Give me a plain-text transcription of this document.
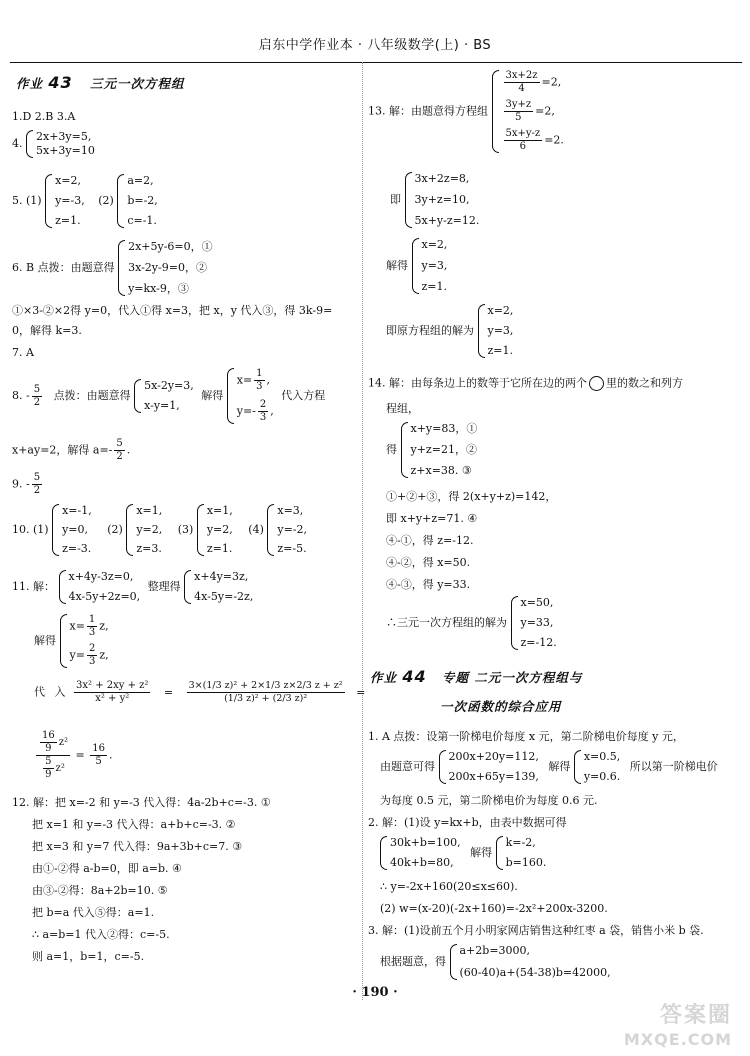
启东中学作业本 · 八年级数学(上) · BS
作业 43 三元一次方程组
1.D 2.B 3.A
4.
2x+3y=5,
5x+3y=10
5. (1)
x=2,
y=-3,
z=1.
(2)
a=2,
b=-2,
c=-1.
6. B 点拨：由题意得
2x+5y-6=0，①
3x-2y-9=0，②
y=kx-9，③
①×3-②×2得 y=0，代入①得 x=3，把 x，y 代入③，得 3k-9=
0，解得 k=3.
7. A
8. - $\frac{5}{2}$ 点拨：由题意得
5x-2y=3,
x-y=1,
解得
$x= \frac{1}{3}$ ,
$y=- \frac{2}{3}$ ,
代入方程
x+ay=2，解得 $a=- \frac{5}{2}$ .
9. - $\frac{5}{2}$
10. (1)
x=-1,
y=0,
z=-3.
(2)
x=1,
y=2,
z=3.
(3)
x=1,
y=2,
z=1.
(4)
x=3,
y=-2,
z=-5.
11. 解：
x+4y-3z=0,
4x-5y+2z=0,
整理得
x+4y=3z,
4x-5y=-2z,
解得
$x= \frac{1}{3} z$,
$y= \frac{2}{3} z$,
代 入 $\frac{\text{3x² + 2xy + z²}}{\text{x² + y²}} = \frac{\text{3×(1/3 z)² + 2×1/3 z×2/3 z + z²}}{\text{(1/3 z)² + (2/3 z)²}}$ =
$\frac{\frac{16}{9} z^2}{\frac{5}{9} z^2} = \frac{16}{5}$ .
12. 解：把 x=-2 和 y=-3 代入得：4a-2b+c=-3. ①
把 x=1 和 y=-3 代入得：a+b+c=-3. ②
把 x=3 和 y=7 代入得：9a+3b+c=7. ③
由①-②得 a-b=0，即 a=b. ④
由③-②得：8a+2b=10. ⑤
把 b=a 代入⑤得：a=1.
∴ a=b=1 代入②得：c=-5.
则 a=1，b=1，c=-5.
13. 解：由题意得方程组
$\frac{3x+2z}{4} =2$,
$\frac{3y+z}{5} =2$,
$\frac{5x+y-z}{6} =2$.
即
3x+2z=8,
3y+z=10,
5x+y-z=12.
解得
x=2,
y=3,
z=1.
即原方程组的解为
x=2,
y=3,
z=1.
14. 解：由每条边上的数等于它所在边的两个 里的数之和列方
程组，
得
x+y=83，①
y+z=21，②
z+x=38. ③
①+②+③，得 2(x+y+z)=142，
即 x+y+z=71. ④
④-①，得 z=-12.
④-②，得 x=50.
④-③，得 y=33.
∴三元一次方程组的解为
x=50,
y=33,
z=-12.
作业 44 专题 二元一次方程组与
一次函数的综合应用
1. A 点拨：设第一阶梯电价每度 x 元，第二阶梯电价每度 y 元，
由题意可得
200x+20y=112,
200x+65y=139,
解得
x=0.5,
y=0.6.
所以第一阶梯电价
为每度 0.5 元，第二阶梯电价为每度 0.6 元.
2. 解：(1)设 y=kx+b，由表中数据可得
30k+b=100,
40k+b=80,
解得
k=-2,
b=160.
∴ y=-2x+160(20≤x≤60).
(2) w=(x-20)(-2x+160)=-2x²+200x-3200.
3. 解：(1)设前五个月小明家网店销售这种红枣 a 袋，销售小米 b 袋.
根据题意，得
a+2b=3000,
(60-40)a+(54-38)b=42000,
· 190 ·
答案圈
MXQE.COM
